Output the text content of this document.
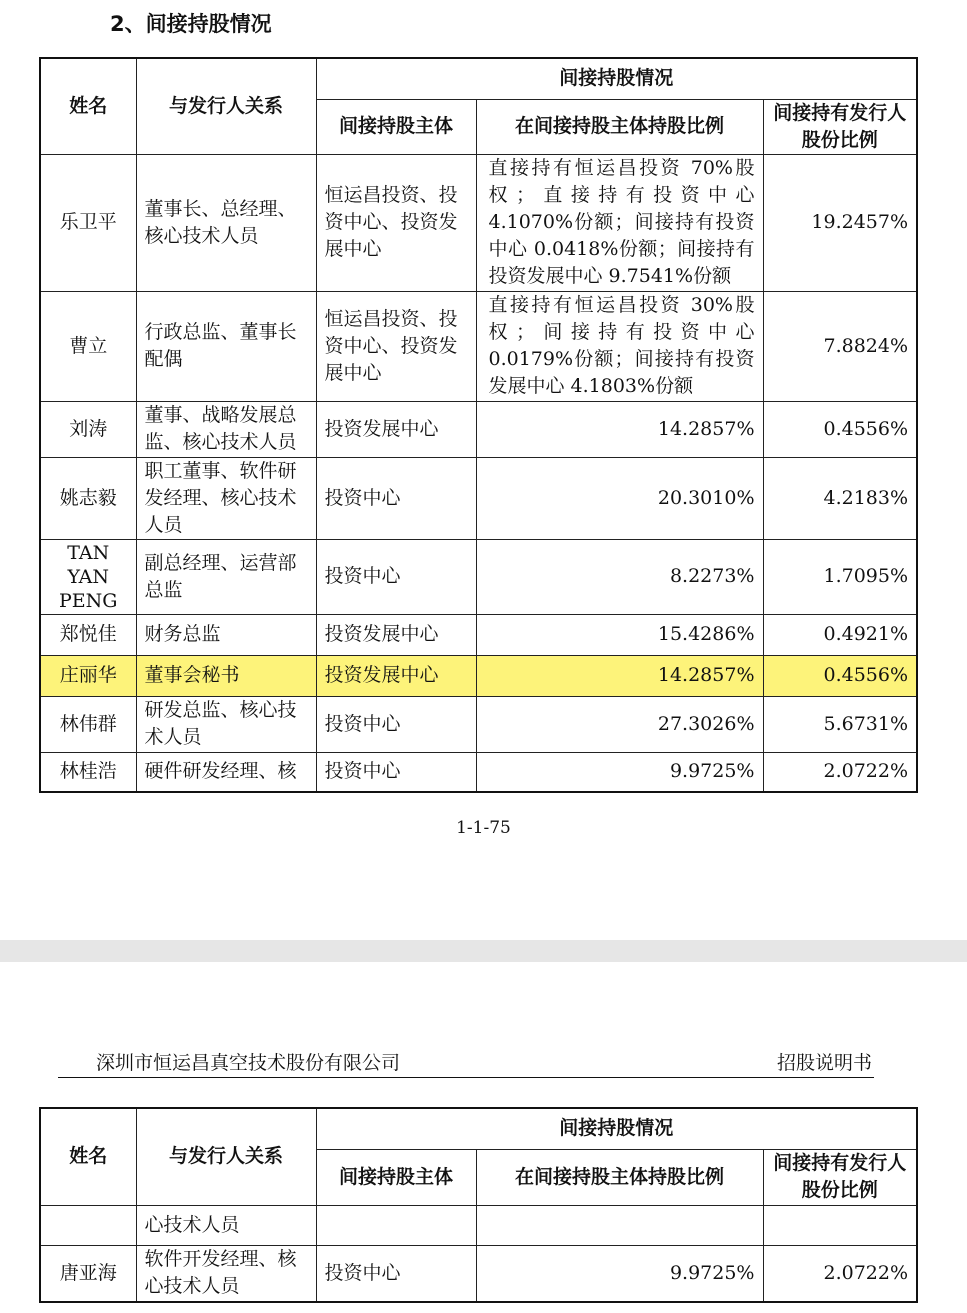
2、间接持股情况
姓名	与发行人关系	间接持股情况		
		间接持股主体	在间接持股主体持股比例	间接持有发行人股份比例
乐卫平	董事长、总经理、核心技术人员	恒运昌投资、投资中心、投资发展中心	直接持有恒运昌投资 70%股权；直接持有投资中心 4.1070%份额；间接持有投资中心 0.0418%份额；间接持有投资发展中心 9.7541%份额	19.2457%
曹立	行政总监、董事长配偶	恒运昌投资、投资中心、投资发展中心	直接持有恒运昌投资 30%股权；间接持有投资中心 0.0179%份额；间接持有投资发展中心 4.1803%份额	7.8824%
刘涛	董事、战略发展总监、核心技术人员	投资发展中心	14.2857%	0.4556%
姚志毅	职工董事、软件研发经理、核心技术人员	投资中心	20.3010%	4.2183%
TAN YAN PENG	副总经理、运营部总监	投资中心	8.2273%	1.7095%
郑悦佳	财务总监	投资发展中心	15.4286%	0.4921%
庄丽华	董事会秘书	投资发展中心	14.2857%	0.4556%
林伟群	研发总监、核心技术人员	投资中心	27.3026%	5.6731%
林桂浩	硬件研发经理、核	投资中心	9.9725%	2.0722%
1-1-75
深圳市恒运昌真空技术股份有限公司	招股说明书
姓名	与发行人关系	间接持股情况		
		间接持股主体	在间接持股主体持股比例	间接持有发行人股份比例
	心技术人员			
唐亚海	软件开发经理、核心技术人员	投资中心	9.9725%	2.0722%
